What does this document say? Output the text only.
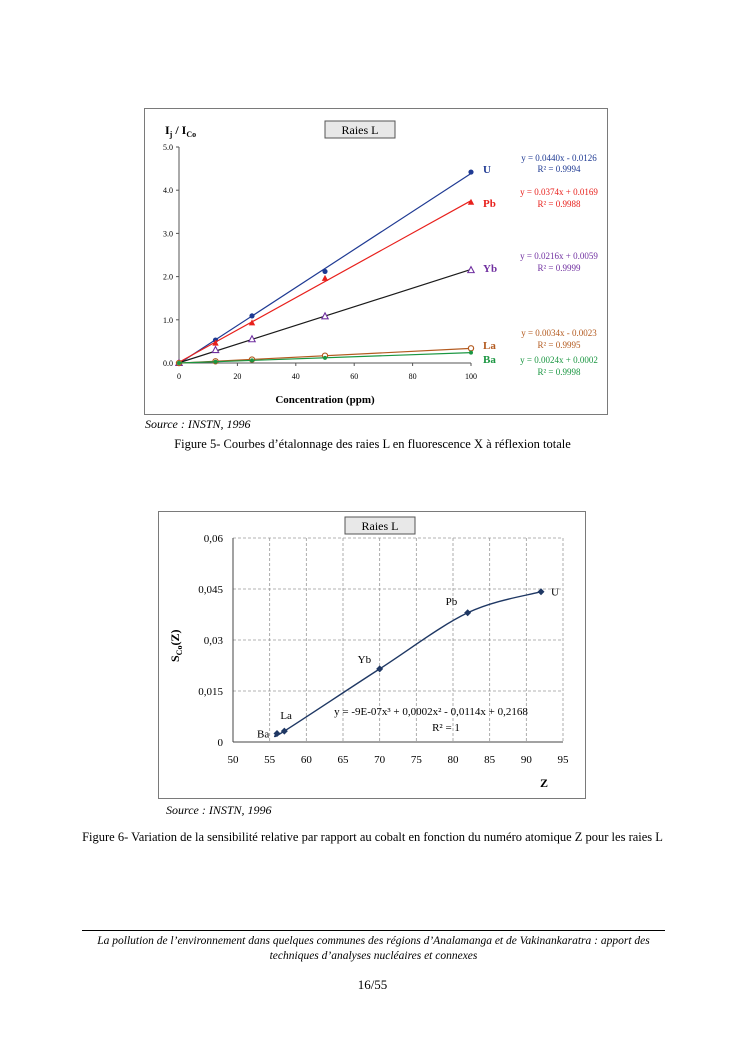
Raies L
$I_j / I_{Co}$
0.0
1.0
2.0
3.0
4.0
5.0
0	20	40	60	80	100
Concentration (ppm)
U
y = 0.0440x - 0.0126
R² = 0.9994
Pb
y = 0.0374x + 0.0169
R² = 0.9988
Yb
y = 0.0216x + 0.0059
R² = 0.9999
La
y = 0.0034x - 0.0023
R² = 0.9995
Ba	y = 0.0024x + 0.0002
R² = 0.9998
Source : INSTN, 1996
Figure 5- Courbes d’étalonnage des raies L en fluorescence X à réflexion totale
Raies L
50 55 60 65 70 75 80 85 90 95
0
0,015
0,03
0,045
0,06
Z
$S_{Co}(Z)$
Ba
La
Yb
Pb
U
y = -9E-07x³ + 0,0002x² - 0,0114x + 0,2168
R² = 1
Source : INSTN, 1996
Figure 6- Variation de la sensibilité relative par rapport au cobalt en fonction du numéro atomique Z pour les raies L
La pollution de l’environnement dans quelques communes des régions d’Analamanga et de Vakinankaratra : apport des techniques d’analyses nucléaires et connexes
16/55
